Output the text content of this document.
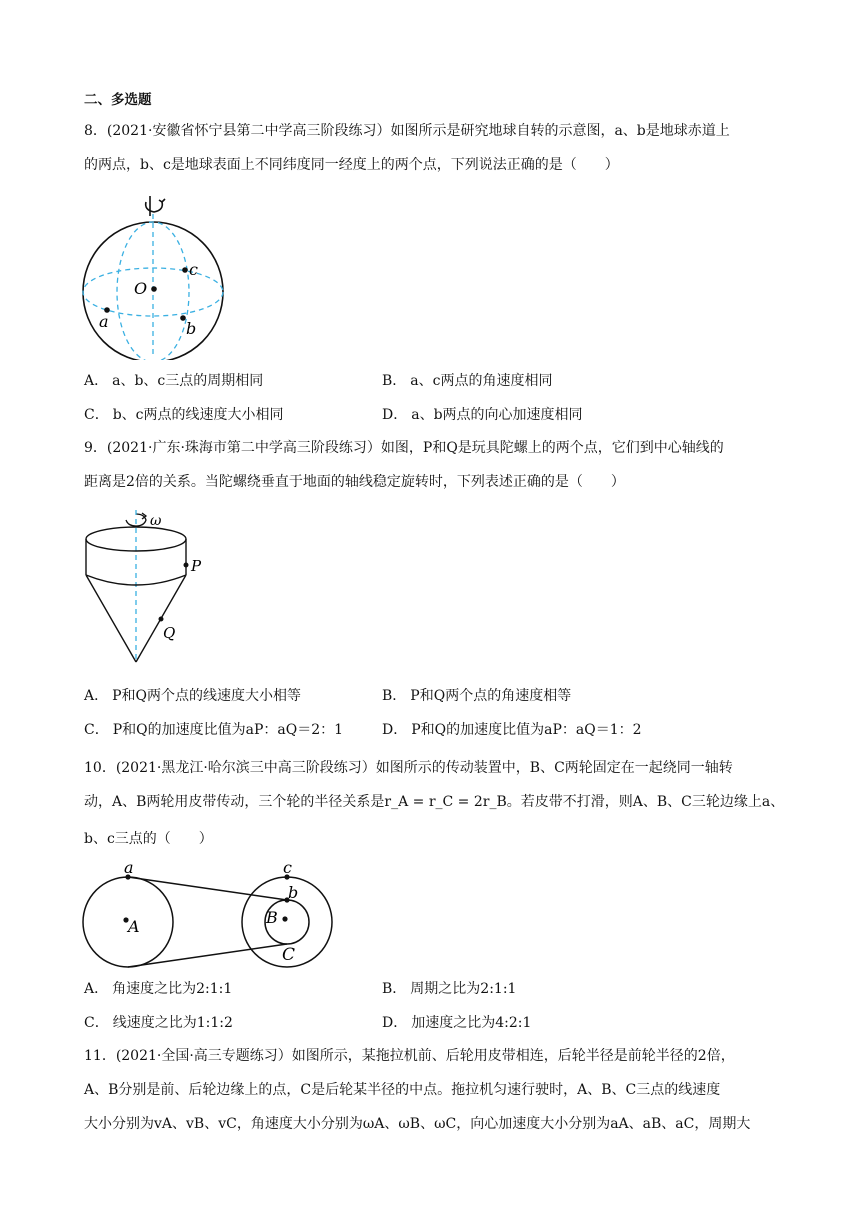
二、多选题
8．(2021·安徽省怀宁县第二中学高三阶段练习）如图所示是研究地球自转的示意图，a、b是地球赤道上
的两点，b、c是地球表面上不同纬度同一经度上的两个点，下列说法正确的是（　　）
O
c
b
a
A． a、b、c三点的周期相同	B． a、c两点的角速度相同
C． b、c两点的线速度大小相同	D． a、b两点的向心加速度相同
9．(2021·广东·珠海市第二中学高三阶段练习）如图，P和Q是玩具陀螺上的两个点，它们到中心轴线的
距离是2倍的关系。当陀螺绕垂直于地面的轴线稳定旋转时，下列表述正确的是（　　）
ω
P
Q
A． P和Q两个点的线速度大小相等	B． P和Q两个点的角速度相等
C． P和Q的加速度比值为aP：aQ＝2：1	D． P和Q的加速度比值为aP：aQ＝1：2
10．(2021·黑龙江·哈尔滨三中高三阶段练习）如图所示的传动装置中，B、C两轮固定在一起绕同一轴转
动，A、B两轮用皮带传动，三个轮的半径关系是r_A = r_C = 2r_B。若皮带不打滑，则A、B、C三轮边缘上a、
b、c三点的（　　）
a
A
c
b
B
C
A． 角速度之比为2:1:1	B． 周期之比为2:1:1
C． 线速度之比为1:1:2	D． 加速度之比为4:2:1
11．(2021·全国·高三专题练习）如图所示，某拖拉机前、后轮用皮带相连，后轮半径是前轮半径的2倍，
A、B分别是前、后轮边缘上的点，C是后轮某半径的中点。拖拉机匀速行驶时，A、B、C三点的线速度
大小分别为vA、vB、vC，角速度大小分别为ωA、ωB、ωC，向心加速度大小分别为aA、aB、aC，周期大
